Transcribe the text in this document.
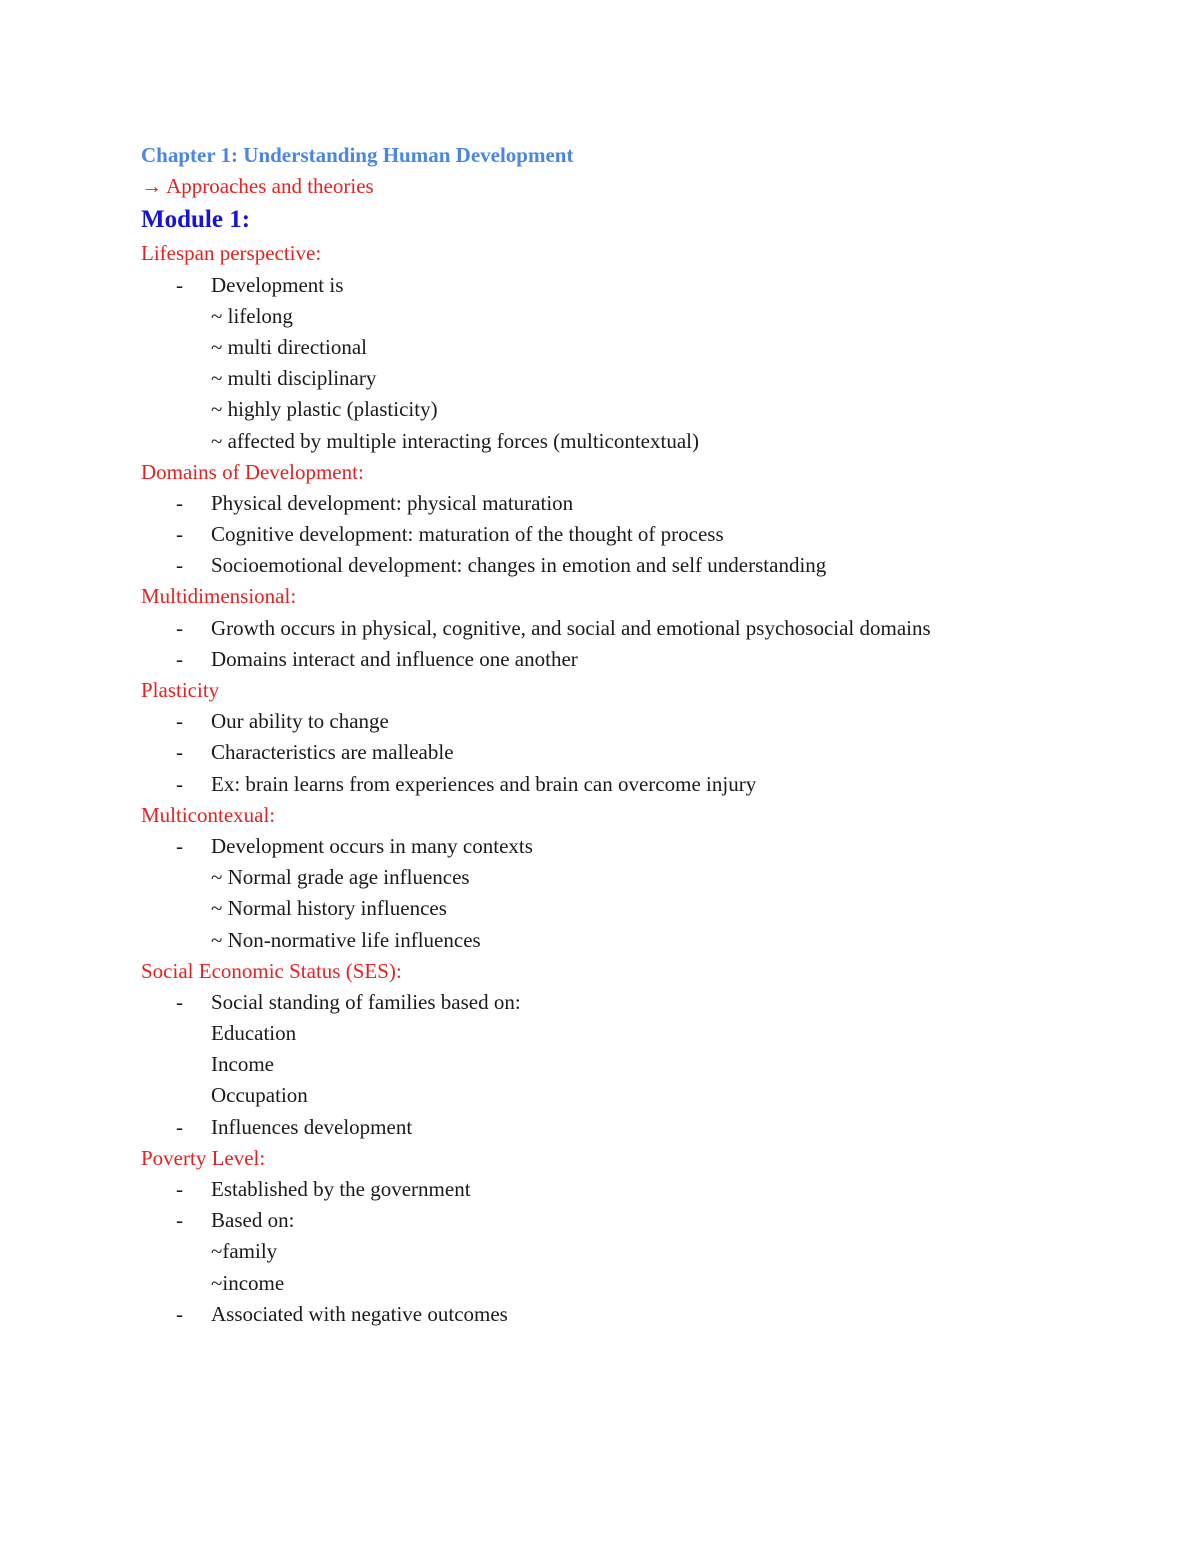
Chapter 1: Understanding Human Development
→ Approaches and theories
Module 1:
Lifespan perspective:
- Development is
~ lifelong
~ multi directional
~ multi disciplinary
~ highly plastic (plasticity)
~ affected by multiple interacting forces (multicontextual)
Domains of Development:
- Physical development: physical maturation
- Cognitive development: maturation of the thought of process
- Socioemotional development: changes in emotion and self understanding
Multidimensional:
- Growth occurs in physical, cognitive, and social and emotional psychosocial domains
- Domains interact and influence one another
Plasticity
- Our ability to change
- Characteristics are malleable
- Ex: brain learns from experiences and brain can overcome injury
Multicontexual:
- Development occurs in many contexts
~ Normal grade age influences
~ Normal history influences
~ Non-normative life influences
Social Economic Status (SES):
- Social standing of families based on:
Education
Income
Occupation
- Influences development
Poverty Level:
- Established by the government
- Based on:
~family
~income
- Associated with negative outcomes
